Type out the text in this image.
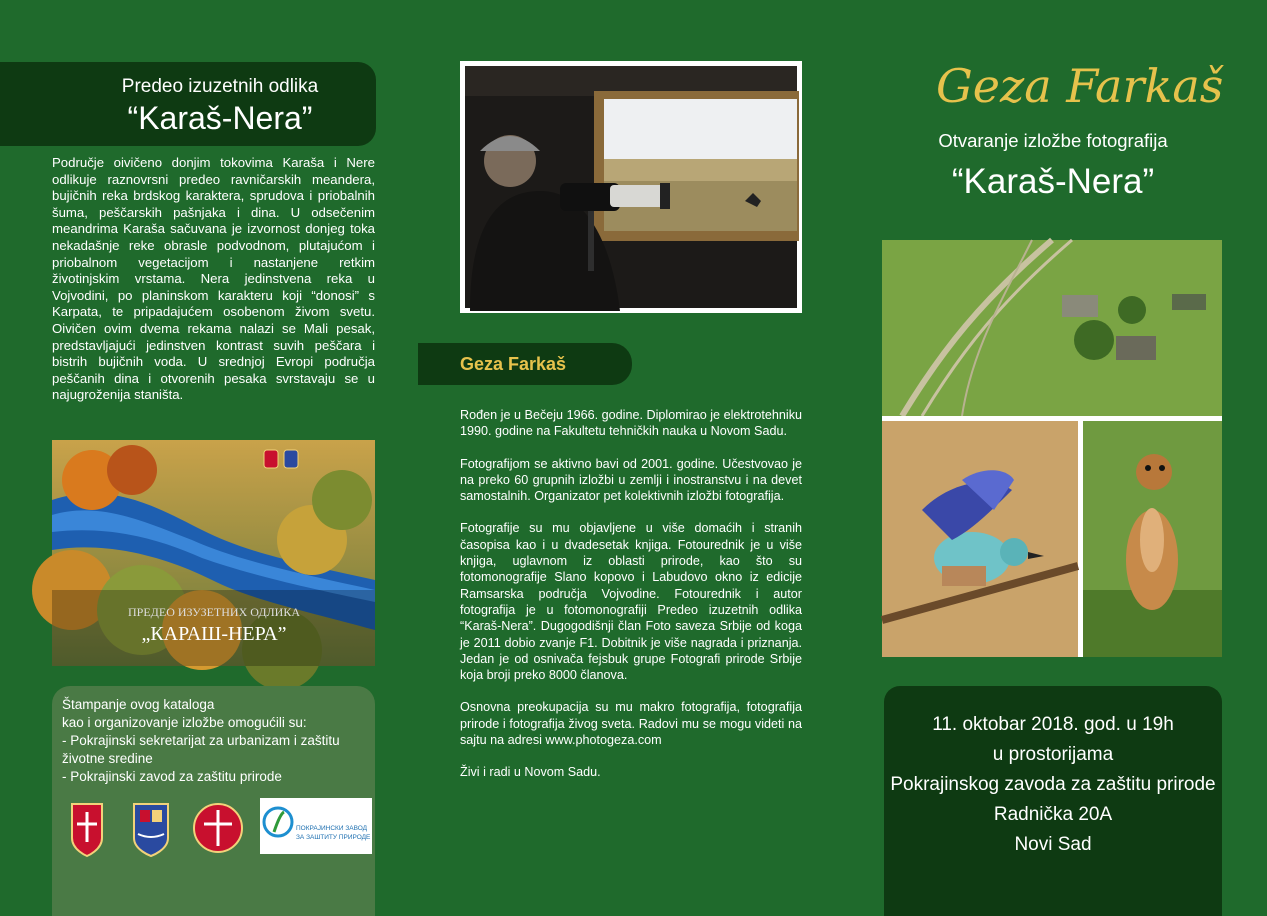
Predeo izuzetnih odlika
“Karaš-Nera”
Područje oivičeno donjim tokovima Karaša i Nere odlikuje raznovrsni predeo ravničarskih meandera, bujičnih reka brdskog karaktera, sprudova i priobalnih šuma, peščarskih pašnjaka i dina. U odsečenim meandrima Karaša sačuvana je izvornost donjeg toka nekadašnje reke obrasle podvodnom, plutajućom i priobalnom vegetacijom i nastanjene retkim životinjskim vrstama. Nera jedinstvena reka u Vojvodini, po planinskom karakteru koji “donosi” s Karpata, te pripadajućem osobenom živom svetu. Oivičen ovim dvema rekama nalazi se Mali pesak, predstavljajući jedinstven kontrast suvih peščara i bistrih bujičnih voda. U srednjoj Evropi područja peščanih dina i otvorenih pesaka svrstavaju se u najugroženija staništa.
ПРЕДЕО ИЗУЗЕТНИХ ОДЛИКА
„КАРАШ-НЕРА”
Štampanje ovog kataloga
kao i organizovanje izložbe omogućili su:
- Pokrajinski sekretarijat za urbanizam i zaštitu životne sredine
- Pokrajinski zavod za zaštitu prirode
ПОКРАЈИНСКИ ЗАВОД
ЗА ЗАШТИТУ ПРИРОДЕ
Geza Farkaš

Rođen je u Bečeju 1966. godine. Diplomirao je elektrotehniku 1990. godine na Fakultetu tehničkih nauka u Novom Sadu.

Fotografijom se aktivno bavi od 2001. godine. Učestvovao je na preko 60 grupnih izložbi u zemlji i inostranstvu i na devet samostalnih. Organizator pet kolektivnih izložbi fotografija.

Fotografije su mu objavljene u više domaćih i stranih časopisa kao i u dvadesetak knjiga. Fotourednik je u više knjiga, uglavnom iz oblasti prirode, kao što su fotomonografije Slano kopovo i Labudovo okno iz edicije Ramsarska područja Vojvodine. Fotourednik i autor fotografija je u fotomonografiji Predeo izuzetnih odlika “Karaš-Nera”. Dugogodišnji član Foto saveza Srbije od koga je 2011 dobio zvanje F1. Dobitnik je više nagrada i priznanja. Jedan je od osnivača fejsbuk grupe Fotografi prirode Srbije koja broji preko 8000 članova.

Osnovna preokupacija su mu makro fotografija, fotografija prirode i fotografija živog sveta. Radovi mu se mogu videti na sajtu na adresi www.photogeza.com

Živi i radi u Novom Sadu.

Geza Farkaš
Otvaranje izložbe fotografija
“Karaš-Nera”
11. oktobar 2018. god. u 19h
u prostorijama
Pokrajinskog zavoda za zaštitu prirode
Radnička 20A
Novi Sad
